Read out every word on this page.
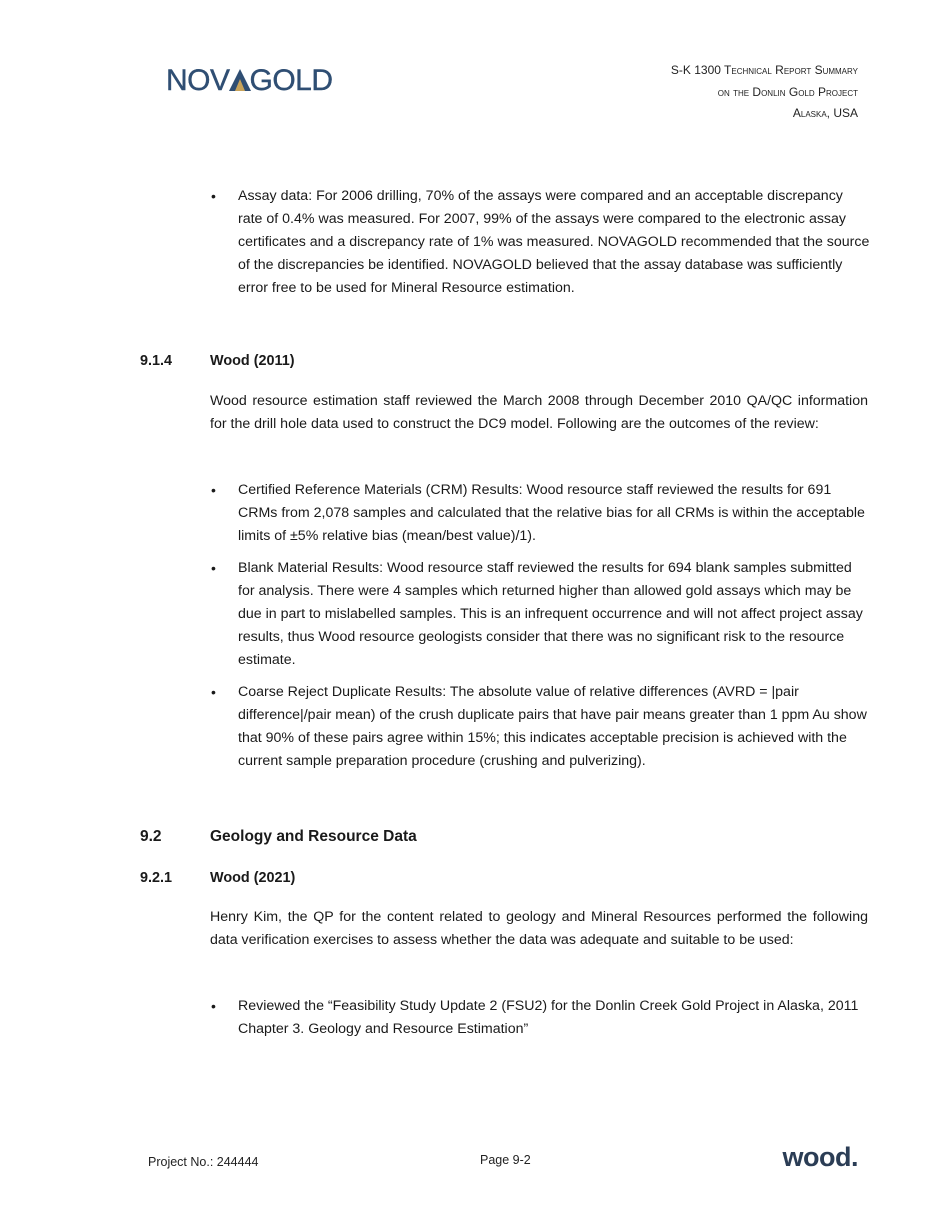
NOV GOLD	S-K 1300 Technical Report Summary
on the Donlin Gold Project
Alaska, USA
• Assay data: For 2006 drilling, 70% of the assays were compared and an acceptable discrepancy rate of 0.4% was measured. For 2007, 99% of the assays were compared to the electronic assay certificates and a discrepancy rate of 1% was measured. NOVAGOLD recommended that the source of the discrepancies be identified. NOVAGOLD believed that the assay database was sufficiently error free to be used for Mineral Resource estimation.
9.1.4	Wood (2011)
Wood resource estimation staff reviewed the March 2008 through December 2010 QA/QC information for the drill hole data used to construct the DC9 model. Following are the outcomes of the review:
• Certified Reference Materials (CRM) Results: Wood resource staff reviewed the results for 691 CRMs from 2,078 samples and calculated that the relative bias for all CRMs is within the acceptable limits of ±5% relative bias (mean/best value)/1).
• Blank Material Results: Wood resource staff reviewed the results for 694 blank samples submitted for analysis. There were 4 samples which returned higher than allowed gold assays which may be due in part to mislabelled samples. This is an infrequent occurrence and will not affect project assay results, thus Wood resource geologists consider that there was no significant risk to the resource estimate.
• Coarse Reject Duplicate Results: The absolute value of relative differences (AVRD = |pair difference|/pair mean) of the crush duplicate pairs that have pair means greater than 1 ppm Au show that 90% of these pairs agree within 15%; this indicates acceptable precision is achieved with the current sample preparation procedure (crushing and pulverizing).
9.2	Geology and Resource Data
9.2.1	Wood (2021)
Henry Kim, the QP for the content related to geology and Mineral Resources performed the following data verification exercises to assess whether the data was adequate and suitable to be used:
• Reviewed the “Feasibility Study Update 2 (FSU2) for the Donlin Creek Gold Project in Alaska, 2011 Chapter 3. Geology and Resource Estimation”
Project No.: 244444	Page 9-2	wood.
